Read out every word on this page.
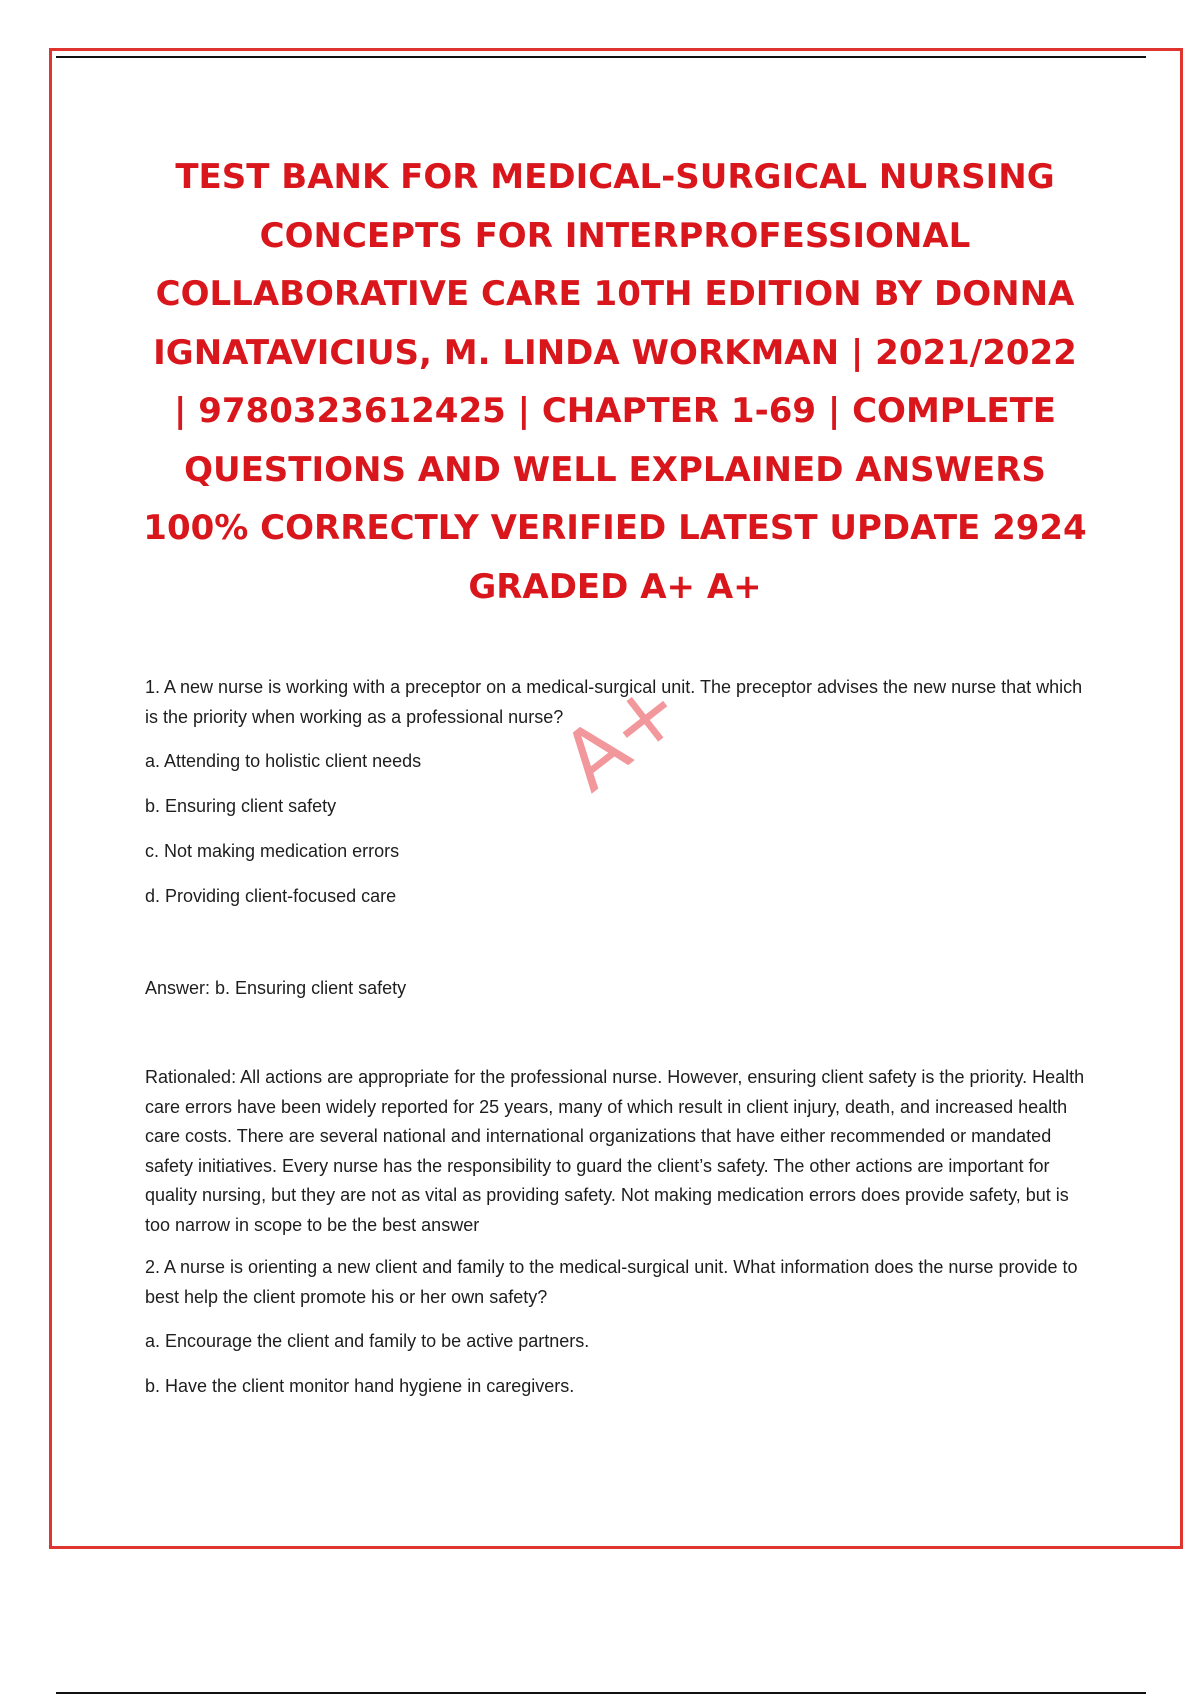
TEST BANK FOR MEDICAL-SURGICAL NURSING
CONCEPTS FOR INTERPROFESSIONAL
COLLABORATIVE CARE 10TH EDITION BY DONNA
IGNATAVICIUS, M. LINDA WORKMAN | 2021/2022
| 9780323612425 | CHAPTER 1-69 | COMPLETE
QUESTIONS AND WELL EXPLAINED ANSWERS
100% CORRECTLY VERIFIED LATEST UPDATE 2924
GRADED A+ A+

1. A new nurse is working with a preceptor on a medical-surgical unit. The preceptor advises the new nurse that which is the priority when working as a professional nurse?

a. Attending to holistic client needs

b. Ensuring client safety

c. Not making medication errors

d. Providing client-focused care

Answer: b. Ensuring client safety

Rationaled: All actions are appropriate for the professional nurse. However, ensuring client safety is the priority. Health care errors have been widely reported for 25 years, many of which result in client injury, death, and increased health care costs. There are several national and international organizations that have either recommended or mandated safety initiatives. Every nurse has the responsibility to guard the client’s safety. The other actions are important for quality nursing, but they are not as vital as providing safety. Not making medication errors does provide safety, but is too narrow in scope to be the best answer

2. A nurse is orienting a new client and family to the medical-surgical unit. What information does the nurse provide to best help the client promote his or her own safety?

a. Encourage the client and family to be active partners.

b. Have the client monitor hand hygiene in caregivers.

A+
